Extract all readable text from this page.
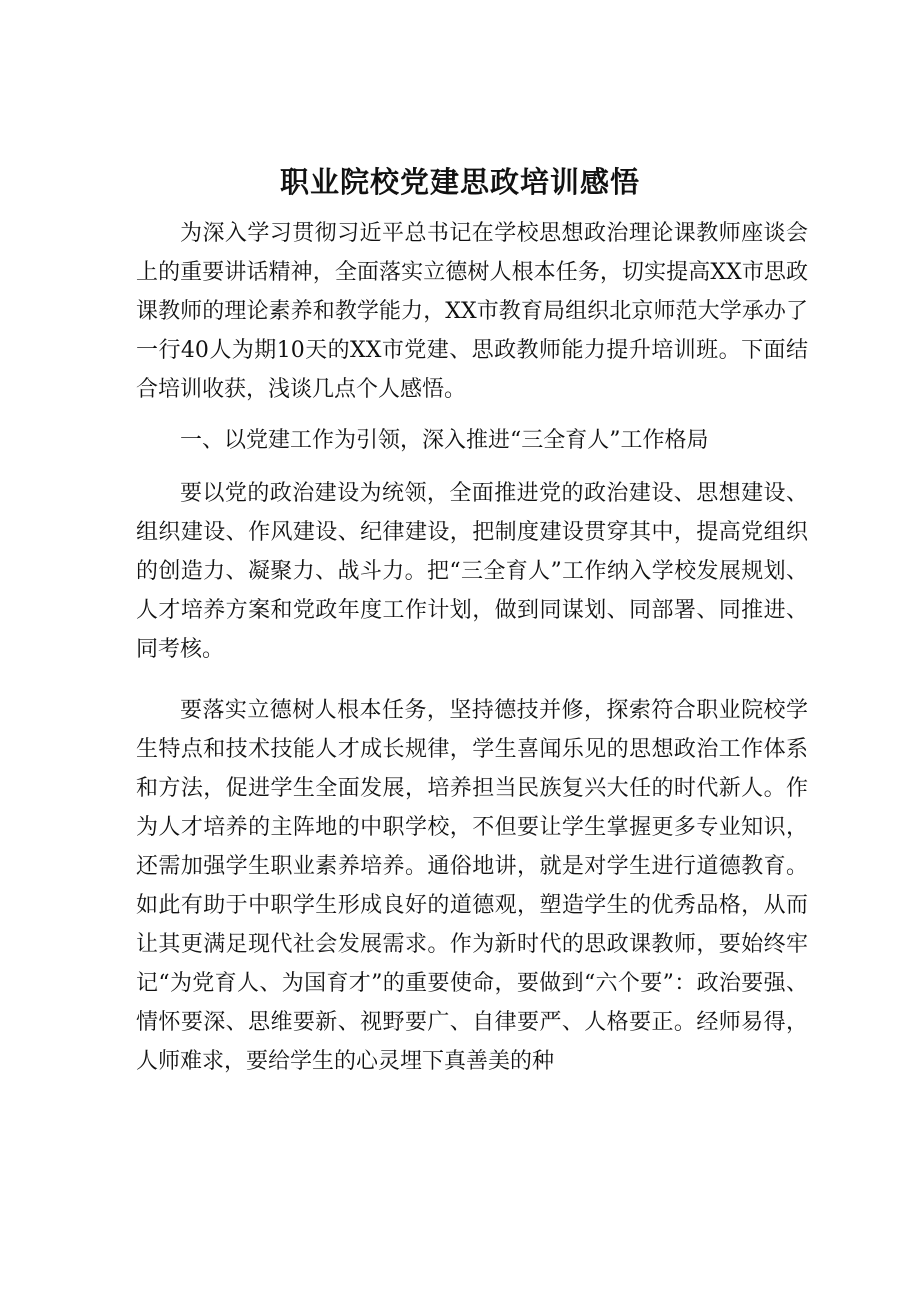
职业院校党建思政培训感悟

为深入学习贯彻习近平总书记在学校思想政治理论课教师座谈会上的重要讲话精神，全面落实立德树人根本任务，切实提高XX市思政课教师的理论素养和教学能力，XX市教育局组织北京师范大学承办了一行40人为期10天的XX市党建、思政教师能力提升培训班。下面结合培训收获，浅谈几点个人感悟。

一、以党建工作为引领，深入推进“三全育人”工作格局

要以党的政治建设为统领，全面推进党的政治建设、思想建设、组织建设、作风建设、纪律建设，把制度建设贯穿其中，提高党组织的创造力、凝聚力、战斗力。把“三全育人”工作纳入学校发展规划、人才培养方案和党政年度工作计划，做到同谋划、同部署、同推进、同考核。

要落实立德树人根本任务，坚持德技并修，探索符合职业院校学生特点和技术技能人才成长规律，学生喜闻乐见的思想政治工作体系和方法，促进学生全面发展，培养担当民族复兴大任的时代新人。作为人才培养的主阵地的中职学校，不但要让学生掌握更多专业知识，还需加强学生职业素养培养。通俗地讲，就是对学生进行道德教育。如此有助于中职学生形成良好的道德观，塑造学生的优秀品格，从而让其更满足现代社会发展需求。作为新时代的思政课教师，要始终牢记“为党育人、为国育才”的重要使命，要做到“六个要”：政治要强、情怀要深、思维要新、视野要广、自律要严、人格要正。经师易得，人师难求，要给学生的心灵埋下真善美的种
